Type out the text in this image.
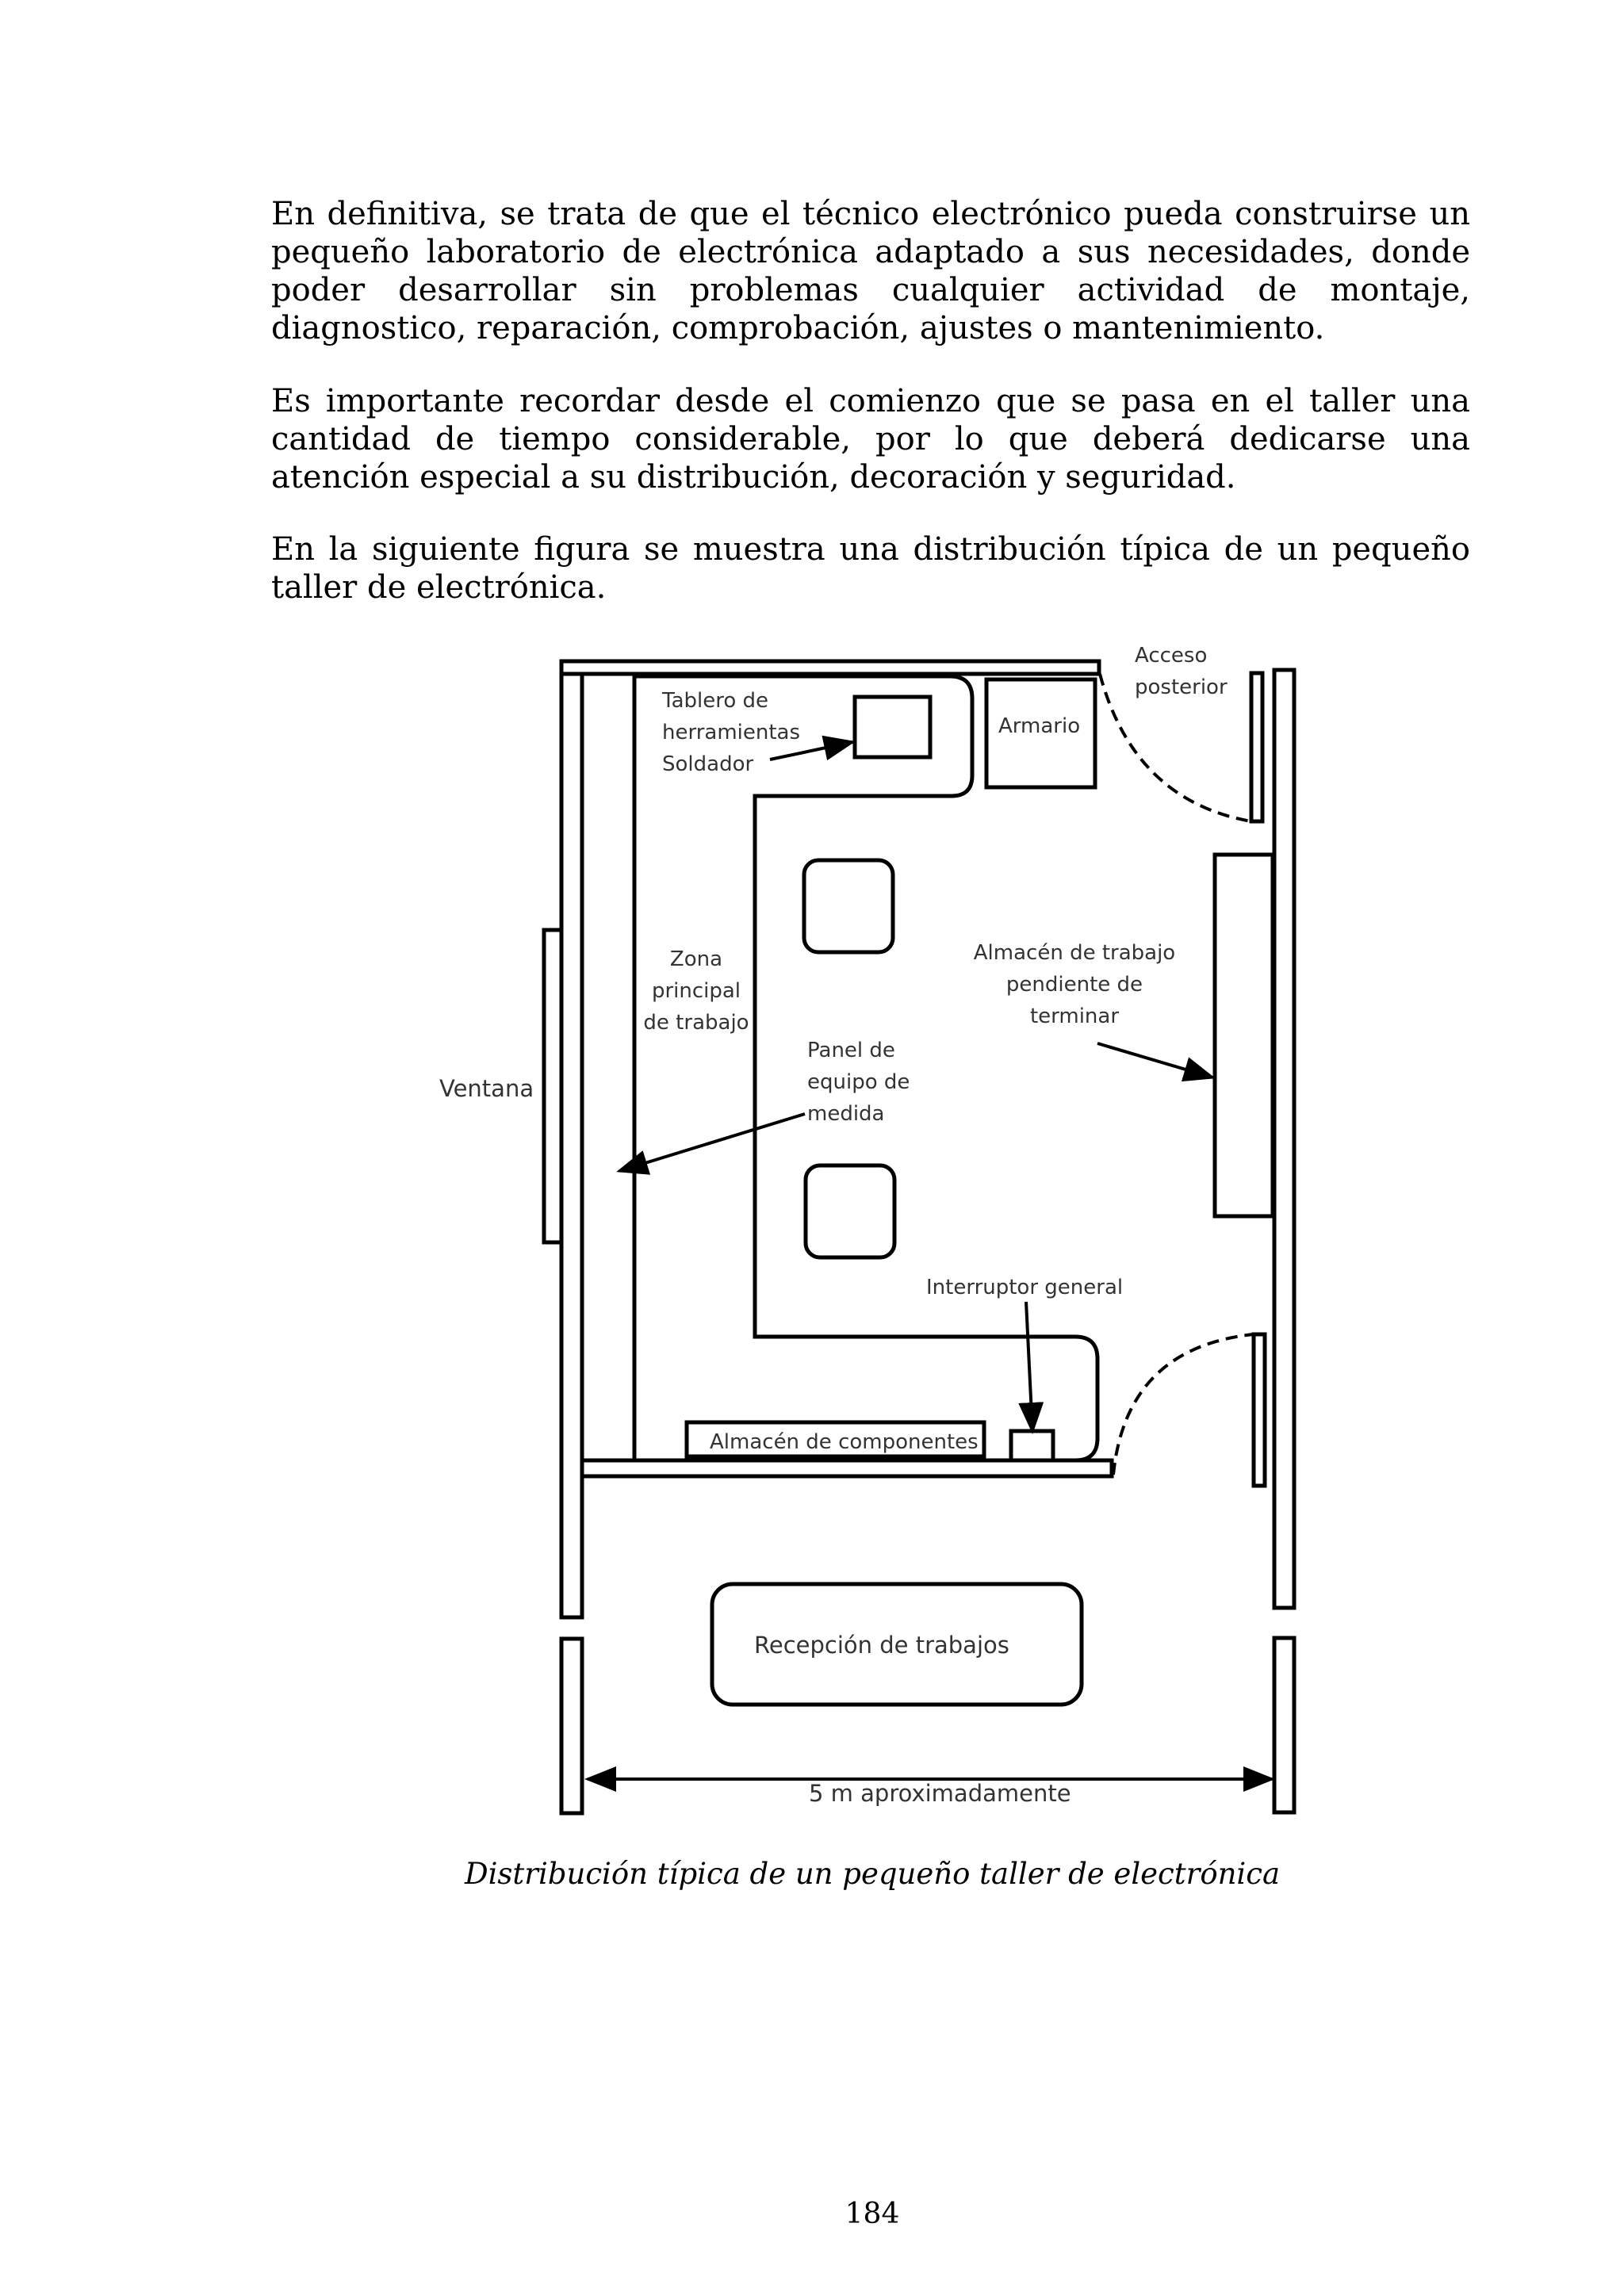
En definitiva, se trata de que el técnico electrónico pueda construirse un pequeño laboratorio de electrónica adaptado a sus necesidades, donde poder desarrollar sin problemas cualquier actividad de montaje, diagnostico, reparación, comprobación, ajustes o mantenimiento.

Es importante recordar desde el comienzo que se pasa en el taller una cantidad de tiempo considerable, por lo que deberá dedicarse una atención especial a su distribución, decoración y seguridad.

En la siguiente figura se muestra una distribución típica de un pequeño taller de electrónica.

Tablero de
herramientas
Soldador
Armario
Acceso
posterior
Zona
principal
de trabajo
Almacén de trabajo
pendiente de
terminar
Panel de
equipo de
medida
Ventana
Interruptor general
Almacén de componentes
Recepción de trabajos
5 m aproximadamente
Distribución típica de un pequeño taller de electrónica
184
